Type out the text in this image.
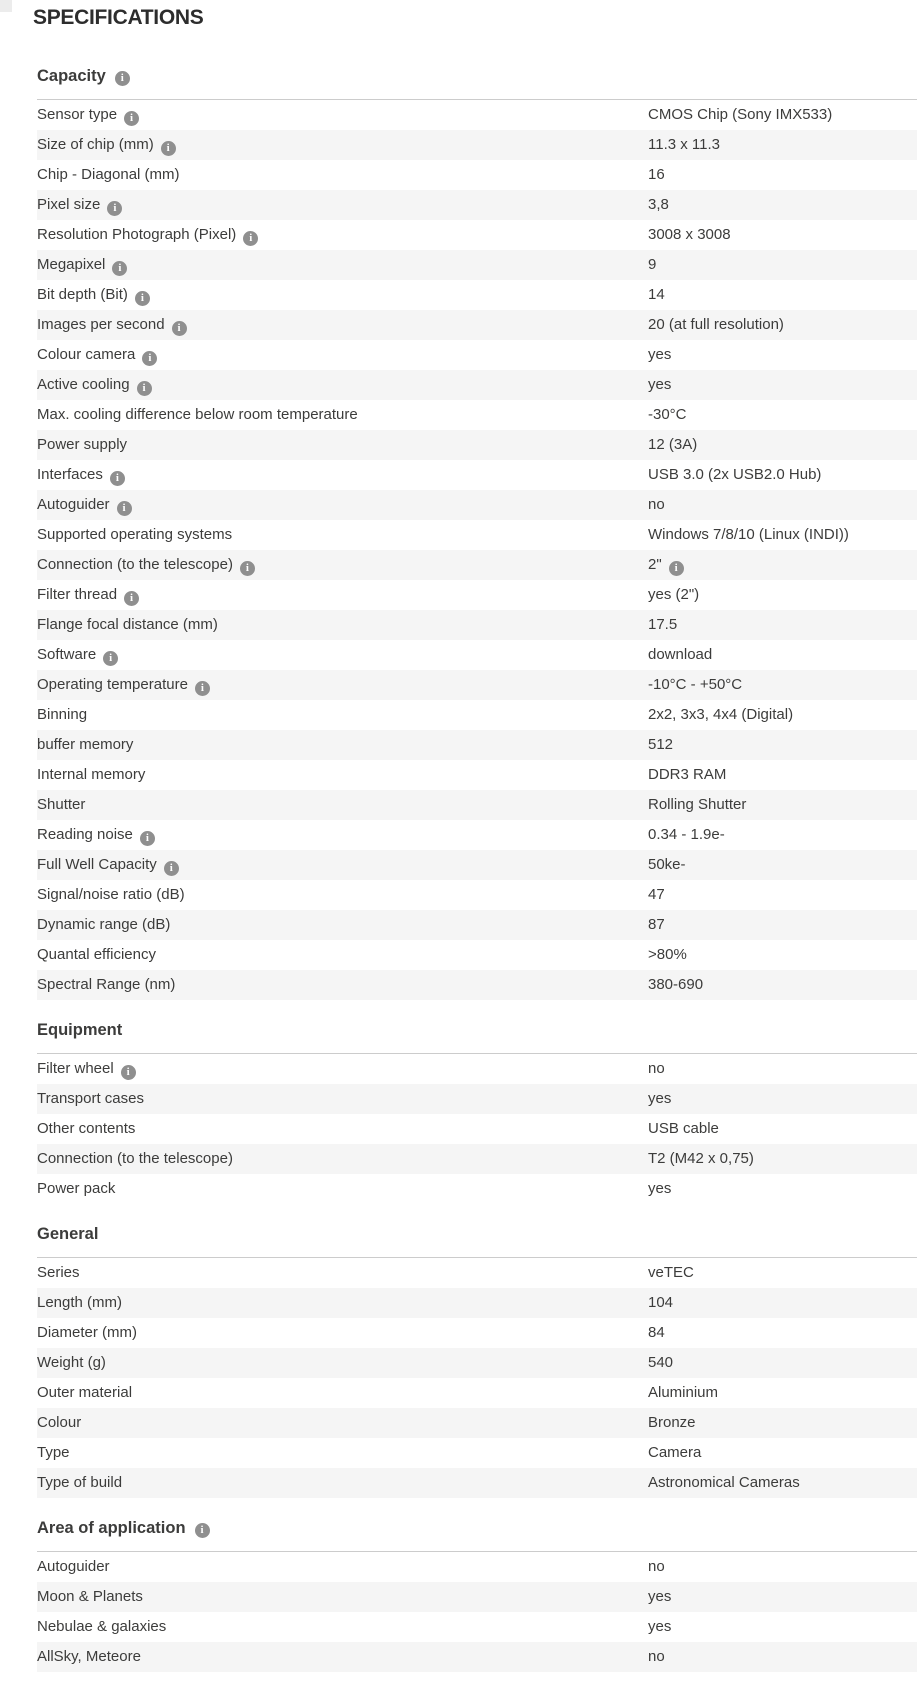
SPECIFICATIONS
Capacity i
Sensor type i	CMOS Chip (Sony IMX533)
Size of chip (mm) i	11.3 x 11.3
Chip - Diagonal (mm)	16
Pixel size i	3,8
Resolution Photograph (Pixel) i	3008 x 3008
Megapixel i	9
Bit depth (Bit) i	14
Images per second i	20 (at full resolution)
Colour camera i	yes
Active cooling i	yes
Max. cooling difference below room temperature	-30°C
Power supply	12 (3A)
Interfaces i	USB 3.0 (2x USB2.0 Hub)
Autoguider i	no
Supported operating systems	Windows 7/8/10 (Linux (INDI))
Connection (to the telescope) i	2" i
Filter thread i	yes (2")
Flange focal distance (mm)	17.5
Software i	download
Operating temperature i	-10°C - +50°C
Binning	2x2, 3x3, 4x4 (Digital)
buffer memory	512
Internal memory	DDR3 RAM
Shutter	Rolling Shutter
Reading noise i	0.34 - 1.9e-
Full Well Capacity i	50ke-
Signal/noise ratio (dB)	47
Dynamic range (dB)	87
Quantal efficiency	>80%
Spectral Range (nm)	380-690
Equipment
Filter wheel i	no
Transport cases	yes
Other contents	USB cable
Connection (to the telescope)	T2 (M42 x 0,75)
Power pack	yes
General
Series	veTEC
Length (mm)	104
Diameter (mm)	84
Weight (g)	540
Outer material	Aluminium
Colour	Bronze
Type	Camera
Type of build	Astronomical Cameras
Area of application i
Autoguider	no
Moon & Planets	yes
Nebulae & galaxies	yes
AllSky, Meteore	no
